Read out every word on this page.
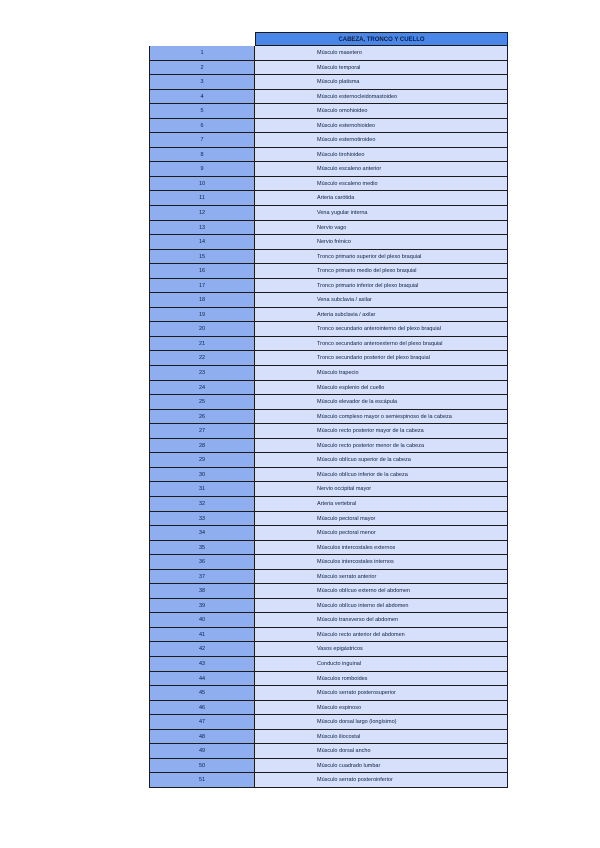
CABEZA, TRONCO Y CUELLO
1	Músculo masetero
2	Músculo temporal
3	Músculo platisma
4	Músculo esternocleidomastoideo
5	Músculo omohioideo
6	Músculo esternohioideo
7	Músculo esternotiroideo
8	Músculo tirohioideo
9	Músculo escaleno anterior
10	Músculo escaleno medio
11	Arteria carótida
12	Vena yugular interna
13	Nervio vago
14	Nervio frénico
15	Tronco primario superior del plexo braquial
16	Tronco primario medio del plexo braquial
17	Tronco primario inferior del plexo braquial
18	Vena subclavia / axilar
19	Arteria subclavia / axilar
20	Tronco secundario anterointerno del plexo braquial
21	Tronco secundario anteroexterno del plexo braquial
22	Tronco secundario posterior del plexo braquial
23	Músculo trapecio
24	Músculo esplenio del cuello
25	Músculo elevador de la escápula
26	Músculo complexo mayor o semiespinoso de la cabeza
27	Músculo recto posterior mayor de la cabeza
28	Músculo recto posterior menor de la cabeza
29	Músculo oblícuo superior de la cabeza
30	Músculo oblícuo inferior de la cabeza
31	Nervio occipital mayor
32	Arteria vertebral
33	Músculo pectoral mayor
34	Músculo pectoral menor
35	Músculos intercostales externos
36	Músculos intercostales internos
37	Músculo serrato anterior
38	Músculo oblícuo externo del abdomen
39	Músculo oblícuo interno del abdomen
40	Músculo transverso del abdomen
41	Músculo recto anterior del abdomen
42	Vasos epigástricos
43	Conducto inguinal
44	Músculos romboides
45	Músculo serrato posterosuperior
46	Músculo espinoso
47	Músculo dorsal largo (longísimo)
48	Músculo iliocostal
49	Músculo dorsal ancho
50	Músculo cuadrado lumbar
51	Músculo serrato posteroinferior
